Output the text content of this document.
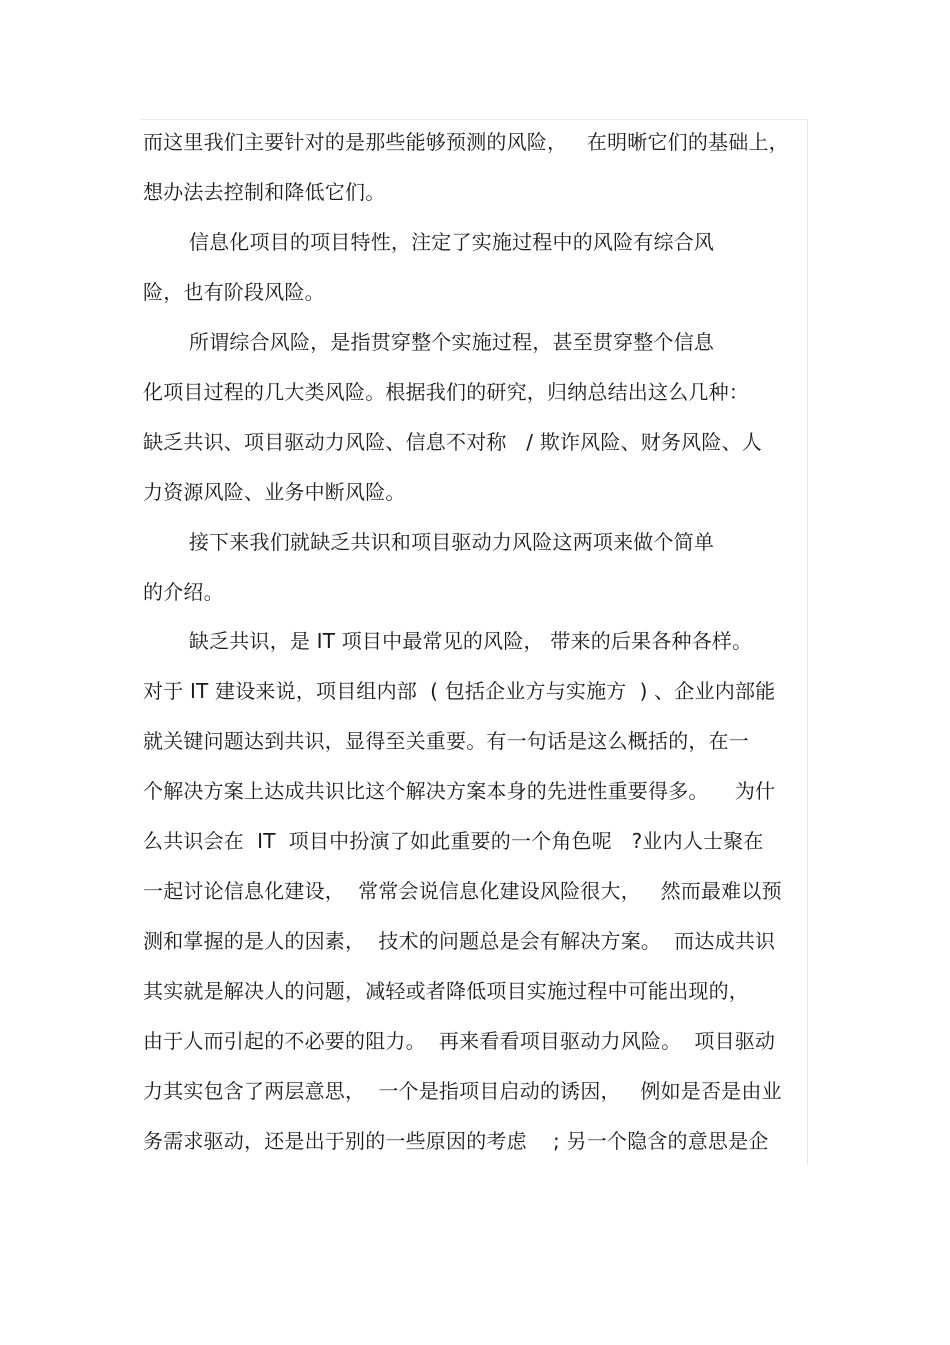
而这里我们主要针对的是那些能够预测的风险，   在明晰它们的基础上，
想办法去控制和降低它们。
信息化项目的项目特性，注定了实施过程中的风险有综合风
险，也有阶段风险。
所谓综合风险，是指贯穿整个实施过程，甚至贯穿整个信息
化项目过程的几大类风险。根据我们的研究，归纳总结出这么几种：
缺乏共识、项目驱动力风险、信息不对称   / 欺诈风险、财务风险、人
力资源风险、业务中断风险。
接下来我们就缺乏共识和项目驱动力风险这两项来做个简单
的介绍。
缺乏共识，是 IT 项目中最常见的风险， 带来的后果各种各样。
对于 IT 建设来说，项目组内部  ( 包括企业方与实施方  ) 、企业内部能
就关键问题达到共识，显得至关重要。有一句话是这么概括的，在一
个解决方案上达成共识比这个解决方案本身的先进性重要得多。    为什
么共识会在  IT  项目中扮演了如此重要的一个角色呢   ?业内人士聚在
一起讨论信息化建设，  常常会说信息化建设风险很大，   然而最难以预
测和掌握的是人的因素，  技术的问题总是会有解决方案。  而达成共识
其实就是解决人的问题，减轻或者降低项目实施过程中可能出现的，
由于人而引起的不必要的阻力。  再来看看项目驱动力风险。  项目驱动
力其实包含了两层意思，  一个是指项目启动的诱因，   例如是否是由业
务需求驱动，还是出于别的一些原因的考虑    ; 另一个隐含的意思是企
